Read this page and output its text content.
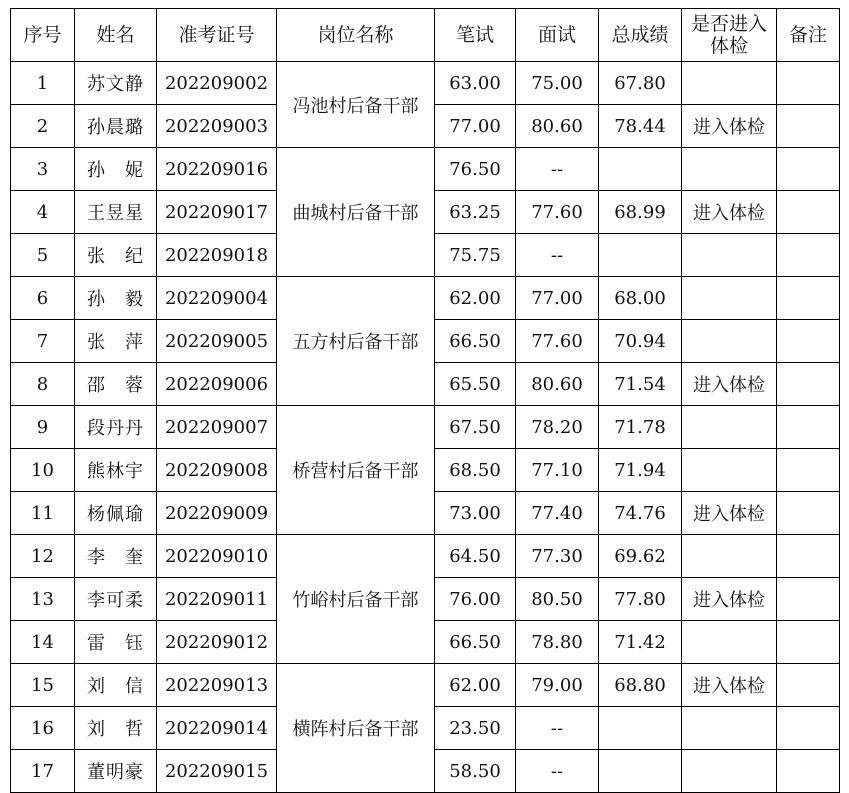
序号	姓名	准考证号	岗位名称	笔试	面试	总成绩	是否进入体检	备注
1	苏文静	202209002	冯池村后备干部	63.00	75.00	67.80		
2	孙晨璐	202209003		77.00	80.60	78.44	进入体检	
3	孙　妮	202209016	曲城村后备干部	76.50	--			
4	王昱星	202209017		63.25	77.60	68.99	进入体检	
5	张　纪	202209018		75.75	--			
6	孙　毅	202209004	五方村后备干部	62.00	77.00	68.00		
7	张　萍	202209005		66.50	77.60	70.94		
8	邵　蓉	202209006		65.50	80.60	71.54	进入体检	
9	段丹丹	202209007	桥营村后备干部	67.50	78.20	71.78		
10	熊林宇	202209008		68.50	77.10	71.94		
11	杨佩瑜	202209009		73.00	77.40	74.76	进入体检	
12	李　奎	202209010	竹峪村后备干部	64.50	77.30	69.62		
13	李可柔	202209011		76.00	80.50	77.80	进入体检	
14	雷　钰	202209012		66.50	78.80	71.42		
15	刘　信	202209013	横阵村后备干部	62.00	79.00	68.80	进入体检	
16	刘　哲	202209014		23.50	--			
17	董明豪	202209015		58.50	--			
